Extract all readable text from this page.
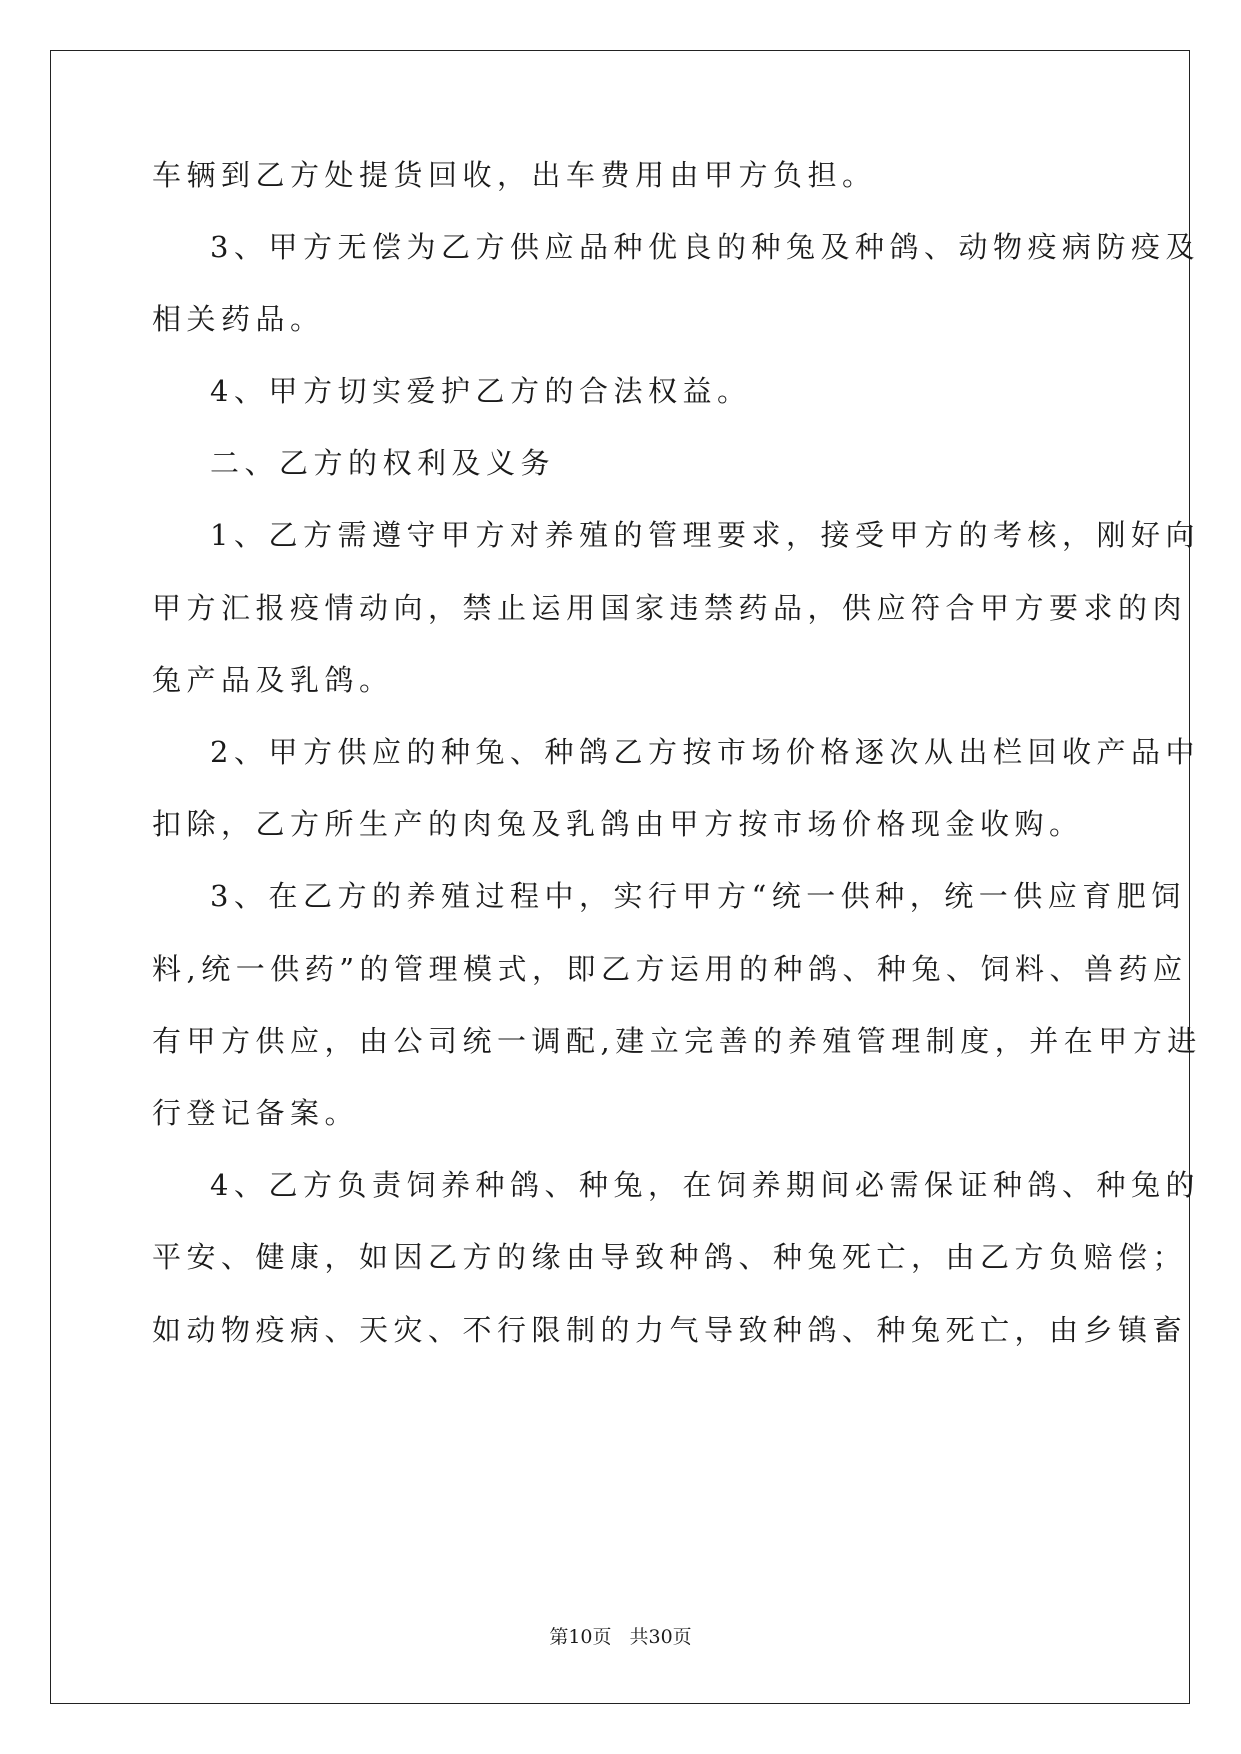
车辆到乙方处提货回收，出车费用由甲方负担。

3、甲方无偿为乙方供应品种优良的种兔及种鸽、动物疫病防疫及

相关药品。

4、甲方切实爱护乙方的合法权益。

二、乙方的权利及义务

1、乙方需遵守甲方对养殖的管理要求，接受甲方的考核，刚好向

甲方汇报疫情动向，禁止运用国家违禁药品，供应符合甲方要求的肉

兔产品及乳鸽。

2、甲方供应的种兔、种鸽乙方按市场价格逐次从出栏回收产品中

扣除，乙方所生产的肉兔及乳鸽由甲方按市场价格现金收购。

3、在乙方的养殖过程中，实行甲方“统一供种，统一供应育肥饲

料,统一供药”的管理模式，即乙方运用的种鸽、种兔、饲料、兽药应

有甲方供应，由公司统一调配,建立完善的养殖管理制度，并在甲方进

行登记备案。

4、乙方负责饲养种鸽、种兔，在饲养期间必需保证种鸽、种兔的

平安、健康，如因乙方的缘由导致种鸽、种兔死亡，由乙方负赔偿；

如动物疫病、天灾、不行限制的力气导致种鸽、种兔死亡，由乡镇畜

第10页 共30页
